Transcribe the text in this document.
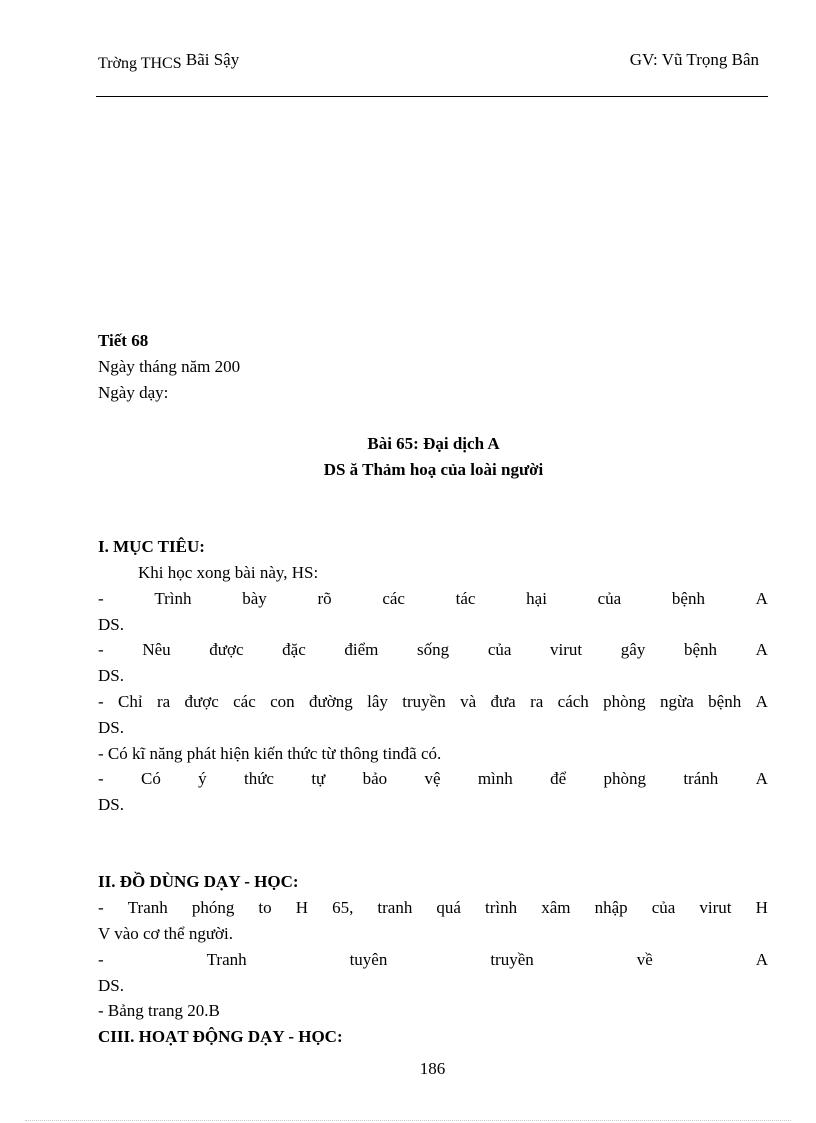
Trờng THCS Bãi Sậy	GV: Vũ Trọng Bân
Tiết 68
Ngày tháng năm 200
Ngày dạy:
Bài 65: Đại dịch A
DS ă Thảm hoạ của loài người
I. MỤC TIÊU:
Khi học xong bài này, HS:
-	Trình	bày	rõ	các	tác	hại	của	bệnh	A
DS.
- Nêu được đặc điểm sống của virut gây bệnh A
DS.
- Chỉ ra được các con đường lây truyền và đưa ra cách phòng ngừa bệnh A
DS.
- Có kĩ năng phát hiện kiến thức từ thông tinđã có.
- Có ý thức tự bảo vệ mình để phòng tránh A
DS.
II. ĐỒ DÙNG DẠY - HỌC:
- Tranh phóng to H 65, tranh quá trình xâm nhập của virut H
V vào cơ thể người.
-	Tranh	tuyên	truyền	về	A
DS.
- Bảng trang 20.B
CIII. HOẠT ĐỘNG DẠY - HỌC:
186
